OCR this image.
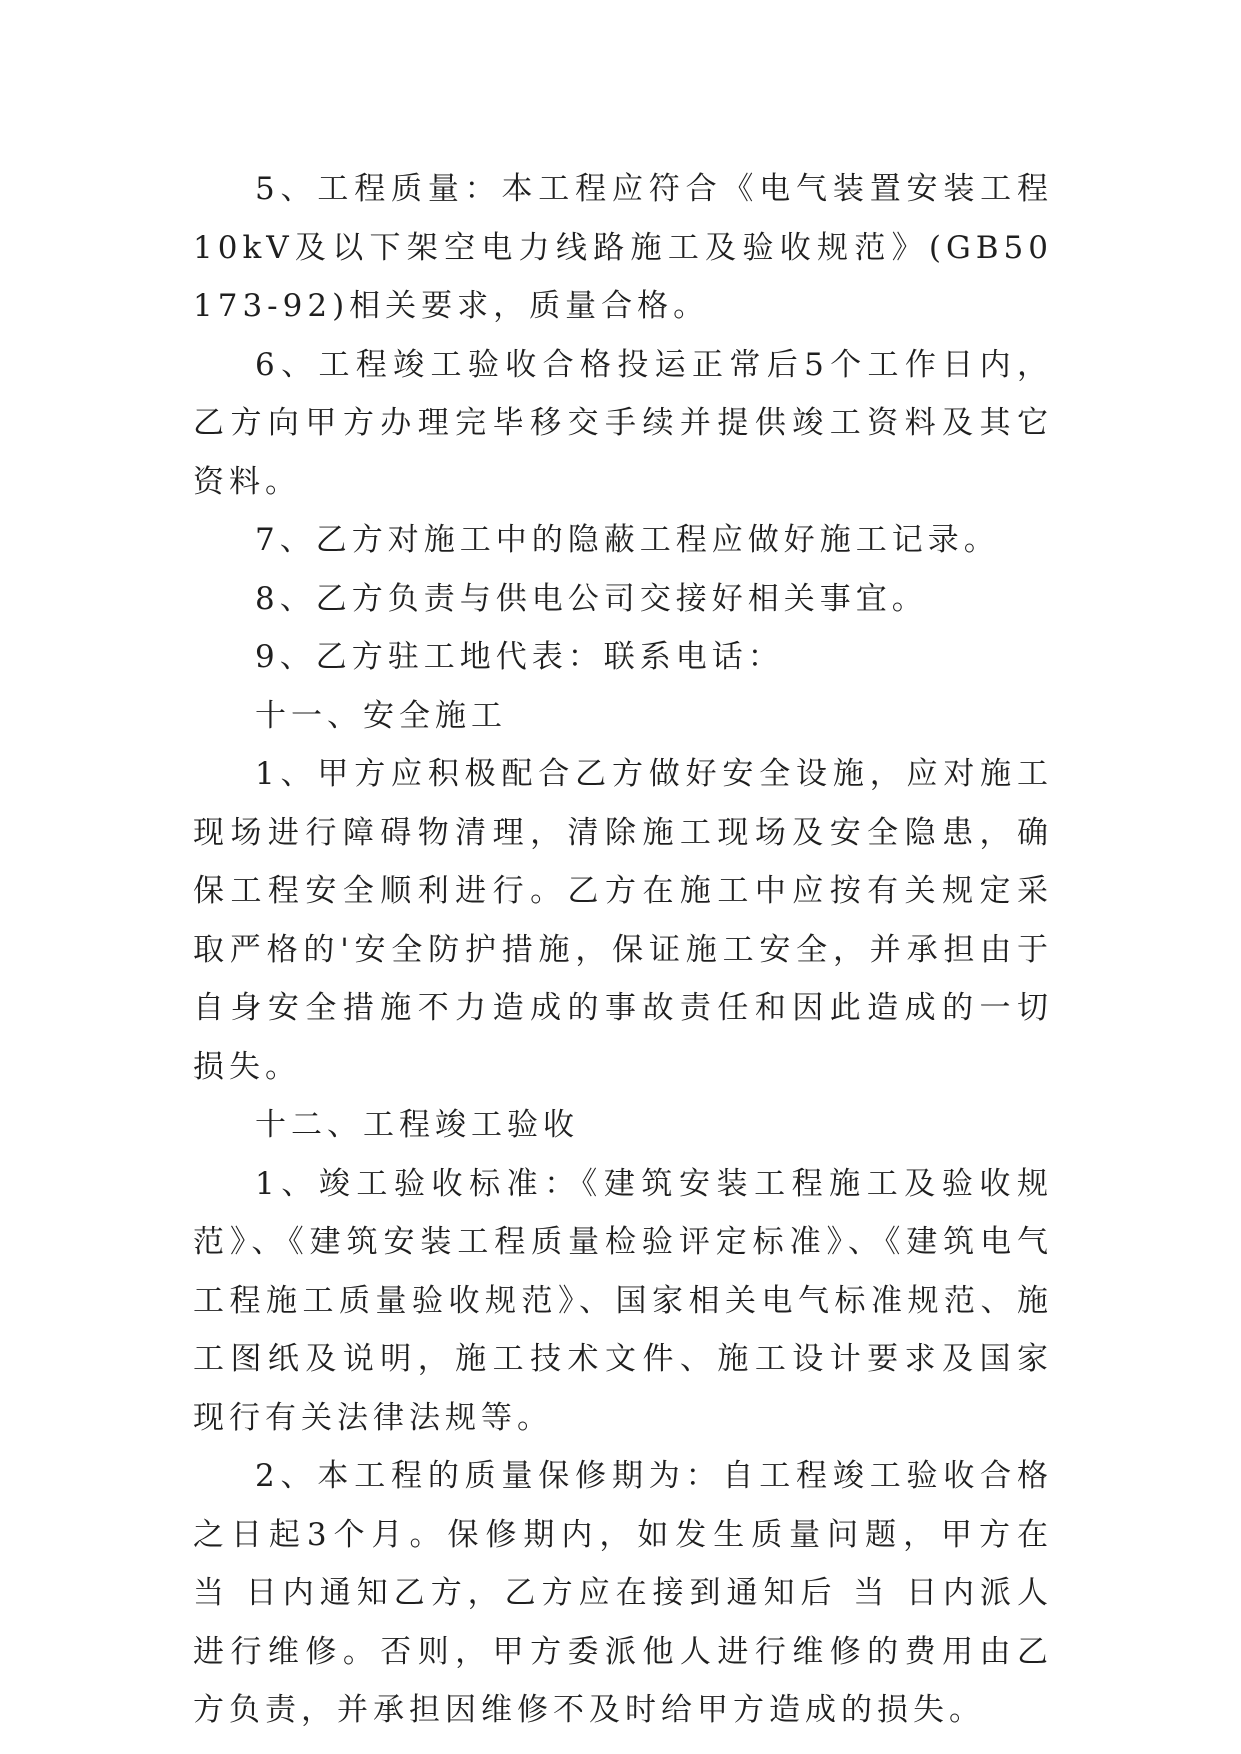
5、工程质量：本工程应符合《电气装置安装工程10kV及以下架空电力线路施工及验收规范》(GB50173-92)相关要求，质量合格。

6、工程竣工验收合格投运正常后5个工作日内，乙方向甲方办理完毕移交手续并提供竣工资料及其它资料。

7、乙方对施工中的隐蔽工程应做好施工记录。

8、乙方负责与供电公司交接好相关事宜。

9、乙方驻工地代表：联系电话：

十一、安全施工

1、甲方应积极配合乙方做好安全设施，应对施工现场进行障碍物清理，清除施工现场及安全隐患，确保工程安全顺利进行。乙方在施工中应按有关规定采取严格的'安全防护措施，保证施工安全，并承担由于自身安全措施不力造成的事故责任和因此造成的一切损失。

十二、工程竣工验收

1、竣工验收标准：《建筑安装工程施工及验收规范》、《建筑安装工程质量检验评定标准》、《建筑电气工程施工质量验收规范》、国家相关电气标准规范、施工图纸及说明，施工技术文件、施工设计要求及国家现行有关法律法规等。

2、本工程的质量保修期为：自工程竣工验收合格之日起3个月。保修期内，如发生质量问题，甲方在 当 日内通知乙方，乙方应在接到通知后 当 日内派人进行维修。否则，甲方委派他人进行维修的费用由乙方负责，并承担因维修不及时给甲方造成的损失。
